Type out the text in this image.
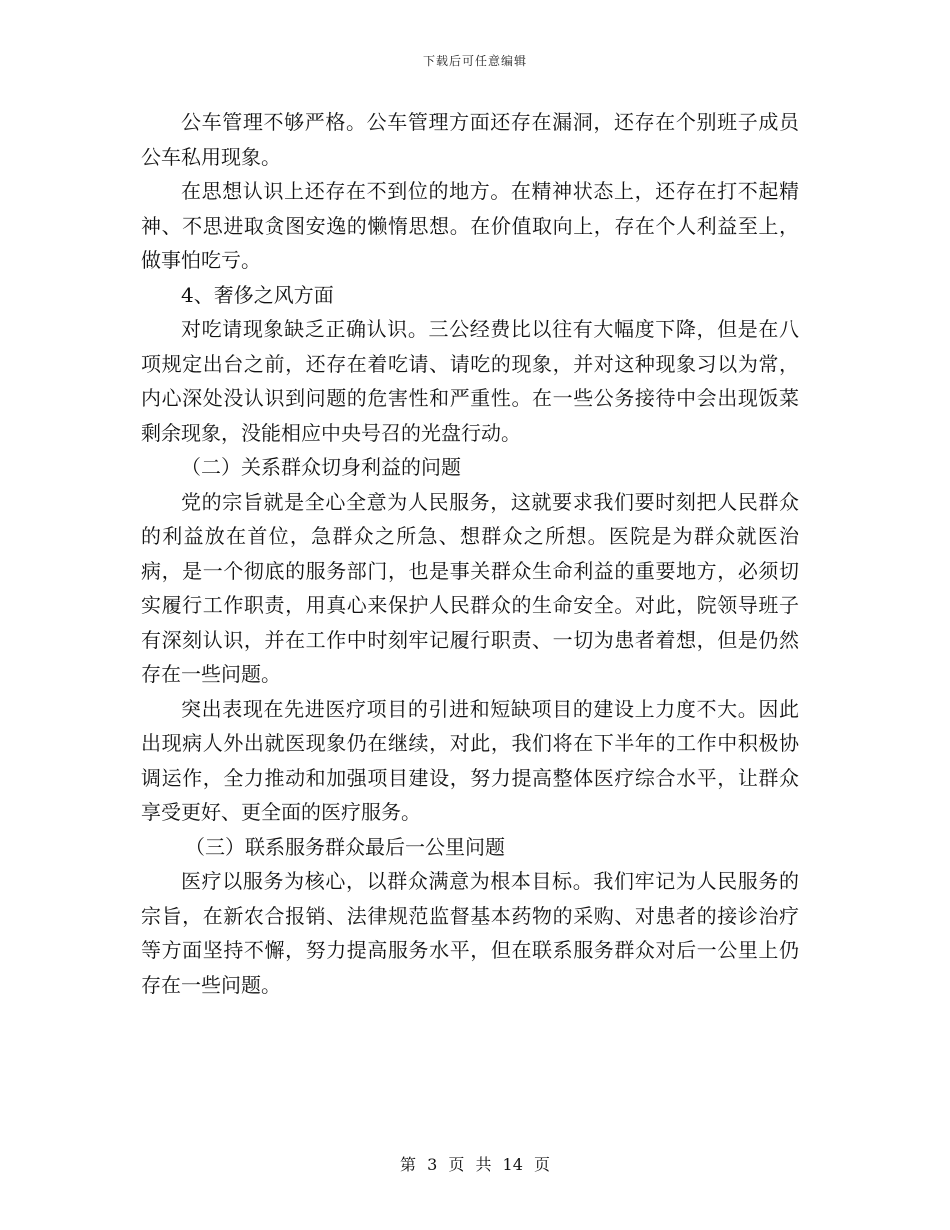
下载后可任意编辑

公车管理不够严格。公车管理方面还存在漏洞，还存在个别班子成员公车私用现象。

在思想认识上还存在不到位的地方。在精神状态上，还存在打不起精神、不思进取贪图安逸的懒惰思想。在价值取向上，存在个人利益至上，做事怕吃亏。

4、奢侈之风方面

对吃请现象缺乏正确认识。三公经费比以往有大幅度下降，但是在八项规定出台之前，还存在着吃请、请吃的现象，并对这种现象习以为常，内心深处没认识到问题的危害性和严重性。在一些公务接待中会出现饭菜剩余现象，没能相应中央号召的光盘行动。

（二）关系群众切身利益的问题

党的宗旨就是全心全意为人民服务，这就要求我们要时刻把人民群众的利益放在首位，急群众之所急、想群众之所想。医院是为群众就医治病，是一个彻底的服务部门，也是事关群众生命利益的重要地方，必须切实履行工作职责，用真心来保护人民群众的生命安全。对此，院领导班子有深刻认识，并在工作中时刻牢记履行职责、一切为患者着想，但是仍然存在一些问题。

突出表现在先进医疗项目的引进和短缺项目的建设上力度不大。因此出现病人外出就医现象仍在继续，对此，我们将在下半年的工作中积极协调运作，全力推动和加强项目建设，努力提高整体医疗综合水平，让群众享受更好、更全面的医疗服务。

（三）联系服务群众最后一公里问题

医疗以服务为核心，以群众满意为根本目标。我们牢记为人民服务的宗旨，在新农合报销、法律规范监督基本药物的采购、对患者的接诊治疗等方面坚持不懈，努力提高服务水平，但在联系服务群众对后一公里上仍存在一些问题。

第 3 页 共 14 页
